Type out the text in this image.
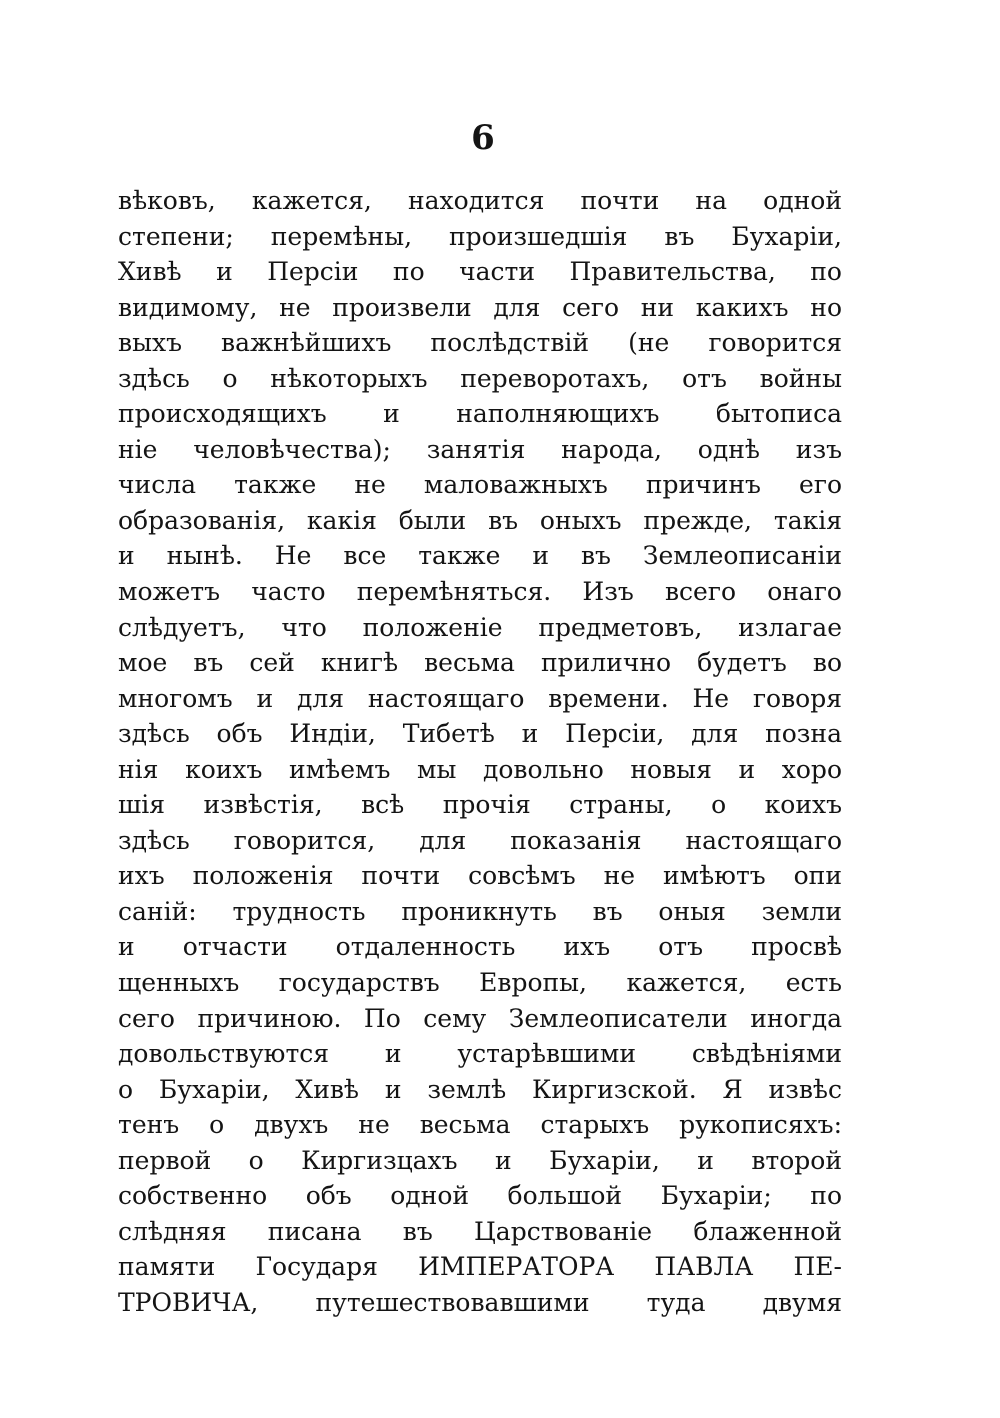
6
вѣковъ, кажется, находится почти на одной
степени; перемѣны, произшедшія въ Бухаріи,
Хивѣ и Персіи по части Правительства, по
видимому, не произвели для сего ни какихъ но
выхъ важнѣйшихъ послѣдствій (не говорится
здѣсь о нѣкоторыхъ переворотахъ, отъ войны
происходящихъ и наполняющихъ бытописа
ніе человѣчества); занятія народа, однѣ изъ
числа также не маловажныхъ причинъ его
образованія, какія были въ оныхъ прежде, такія
и нынѣ. Не все также и въ Землеописаніи
можетъ часто перемѣняться. Изъ всего онаго
слѣдуетъ, что положеніе предметовъ, излагае
мое въ сей книгѣ весьма прилично будетъ во
многомъ и для настоящаго времени. Не говоря
здѣсь объ Индіи, Тибетѣ и Персіи, для позна
нія коихъ имѣемъ мы довольно новыя и хоро
шія извѣстія, всѣ прочія страны, о коихъ
здѣсь говорится, для показанія настоящаго
ихъ положенія почти совсѣмъ не имѣютъ опи
саній: трудность проникнуть въ оныя земли
и отчасти отдаленность ихъ отъ просвѣ
щенныхъ государствъ Европы, кажется, есть
сего причиною. По сему Землеописатели иногда
довольствуются и устарѣвшими свѣдѣніями
о Бухаріи, Хивѣ и землѣ Киргизской. Я извѣс
тенъ о двухъ не весьма старыхъ рукописяхъ:
первой о Киргизцахъ и Бухаріи, и второй
собственно объ одной большой Бухаріи; по
слѣдняя писана въ Царствованіе блаженной
памяти Государя ИМПЕРАТОРА ПАВЛА ПЕ-
ТРОВИЧА, путешествовавшими туда двумя
